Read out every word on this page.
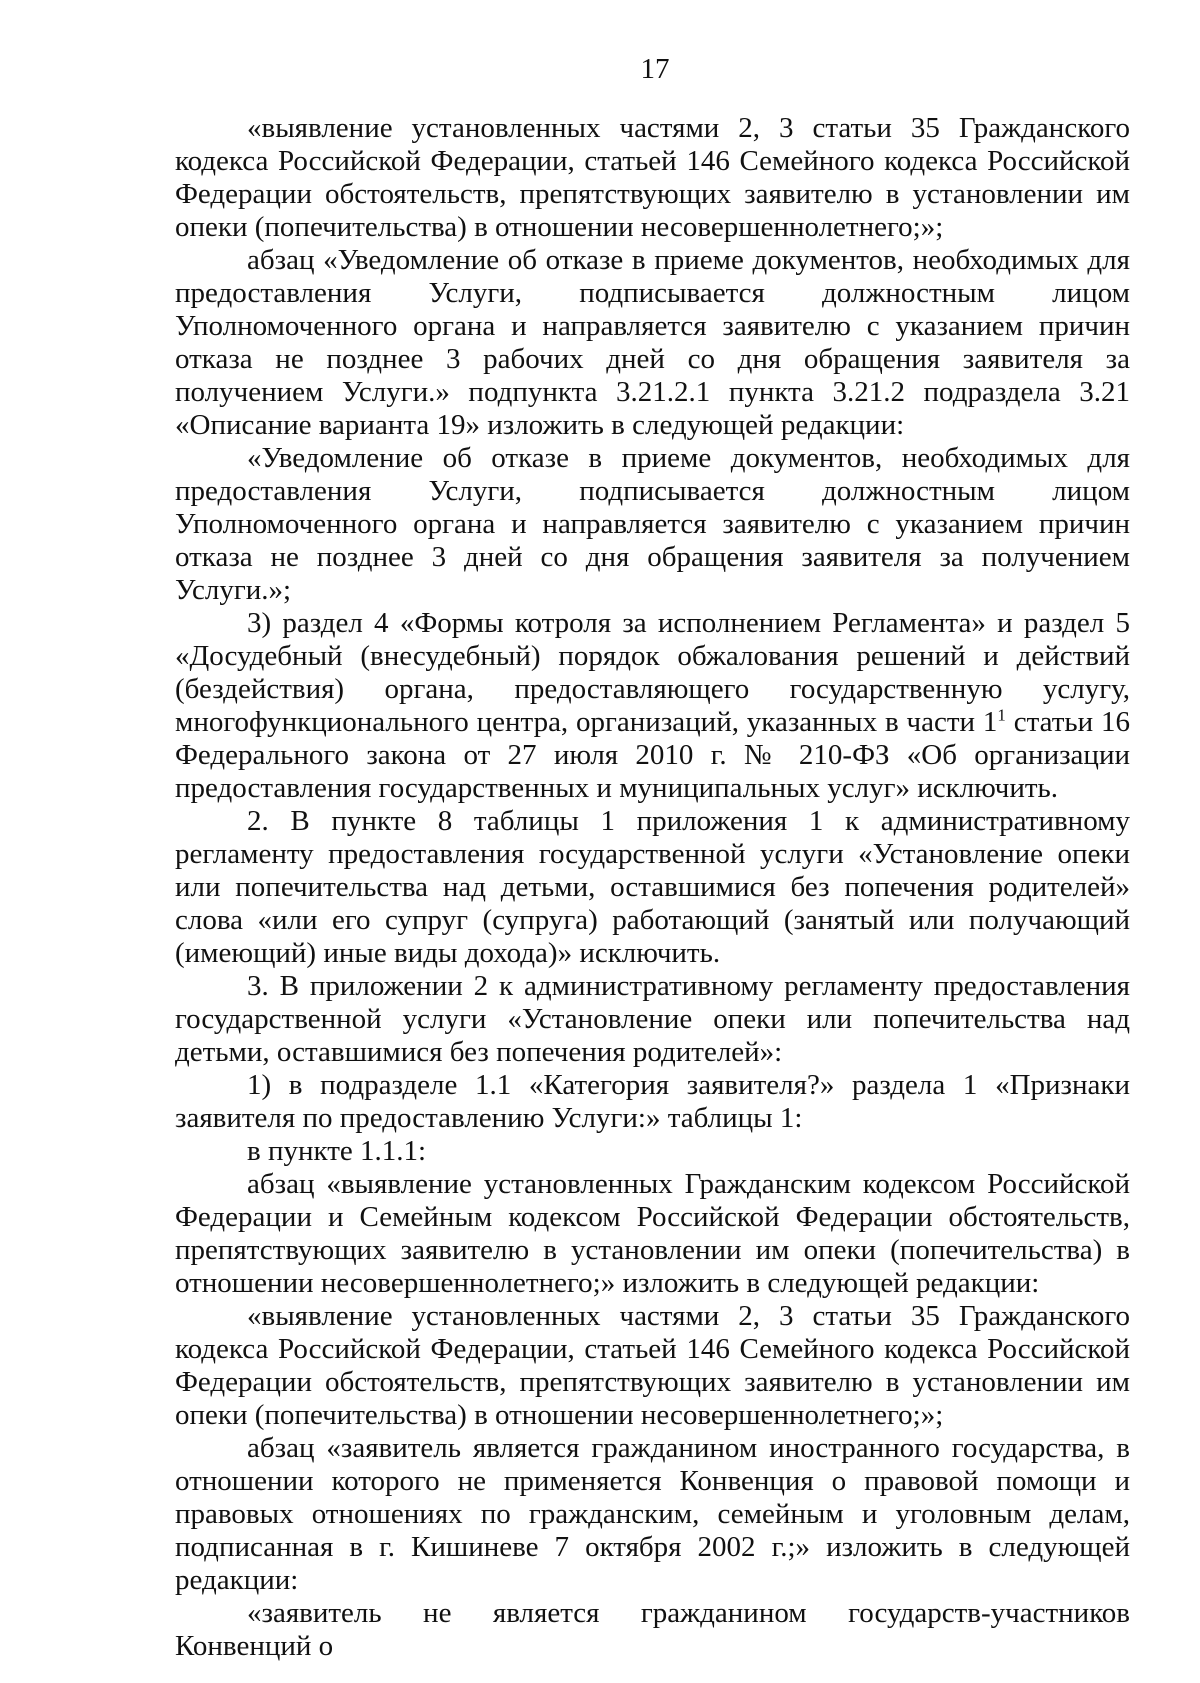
17

«выявление установленных частями 2, 3 статьи 35 Гражданского кодекса Российской Федерации, статьей 146 Семейного кодекса Российской Федерации обстоятельств, препятствующих заявителю в установлении им опеки (попечительства) в отношении несовершеннолетнего;»;

абзац «Уведомление об отказе в приеме документов, необходимых для предоставления Услуги, подписывается должностным лицом Уполномоченного органа и направляется заявителю с указанием причин отказа не позднее 3 рабочих дней со дня обращения заявителя за получением Услуги.» подпункта 3.21.2.1 пункта 3.21.2 подраздела 3.21 «Описание варианта 19» изложить в следующей редакции:

«Уведомление об отказе в приеме документов, необходимых для предоставления Услуги, подписывается должностным лицом Уполномоченного органа и направляется заявителю с указанием причин отказа не позднее 3 дней со дня обращения заявителя за получением Услуги.»;

3) раздел 4 «Формы котроля за исполнением Регламента» и раздел 5 «Досудебный (внесудебный) порядок обжалования решений и действий (бездействия) органа, предоставляющего государственную услугу, многофункционального центра, организаций, указанных в части $1^1$ статьи 16 Федерального закона от 27 июля 2010 г. № 210-ФЗ «Об организации предоставления государственных и муниципальных услуг» исключить.

2. В пункте 8 таблицы 1 приложения 1 к административному регламенту предоставления государственной услуги «Установление опеки или попечительства над детьми, оставшимися без попечения родителей» слова «или его супруг (супруга) работающий (занятый или получающий (имеющий) иные виды дохода)» исключить.

3. В приложении 2 к административному регламенту предоставления государственной услуги «Установление опеки или попечительства над детьми, оставшимися без попечения родителей»:

1) в подразделе 1.1 «Категория заявителя?» раздела 1 «Признаки заявителя по предоставлению Услуги:» таблицы 1:

в пункте 1.1.1:

абзац «выявление установленных Гражданским кодексом Российской Федерации и Семейным кодексом Российской Федерации обстоятельств, препятствующих заявителю в установлении им опеки (попечительства) в отношении несовершеннолетнего;» изложить в следующей редакции:

«выявление установленных частями 2, 3 статьи 35 Гражданского кодекса Российской Федерации, статьей 146 Семейного кодекса Российской Федерации обстоятельств, препятствующих заявителю в установлении им опеки (попечительства) в отношении несовершеннолетнего;»;

абзац «заявитель является гражданином иностранного государства, в отношении которого не применяется Конвенция о правовой помощи и правовых отношениях по гражданским, семейным и уголовным делам, подписанная в г. Кишиневе 7 октября 2002 г.;» изложить в следующей редакции:

«заявитель не является гражданином государств-участников Конвенций о
